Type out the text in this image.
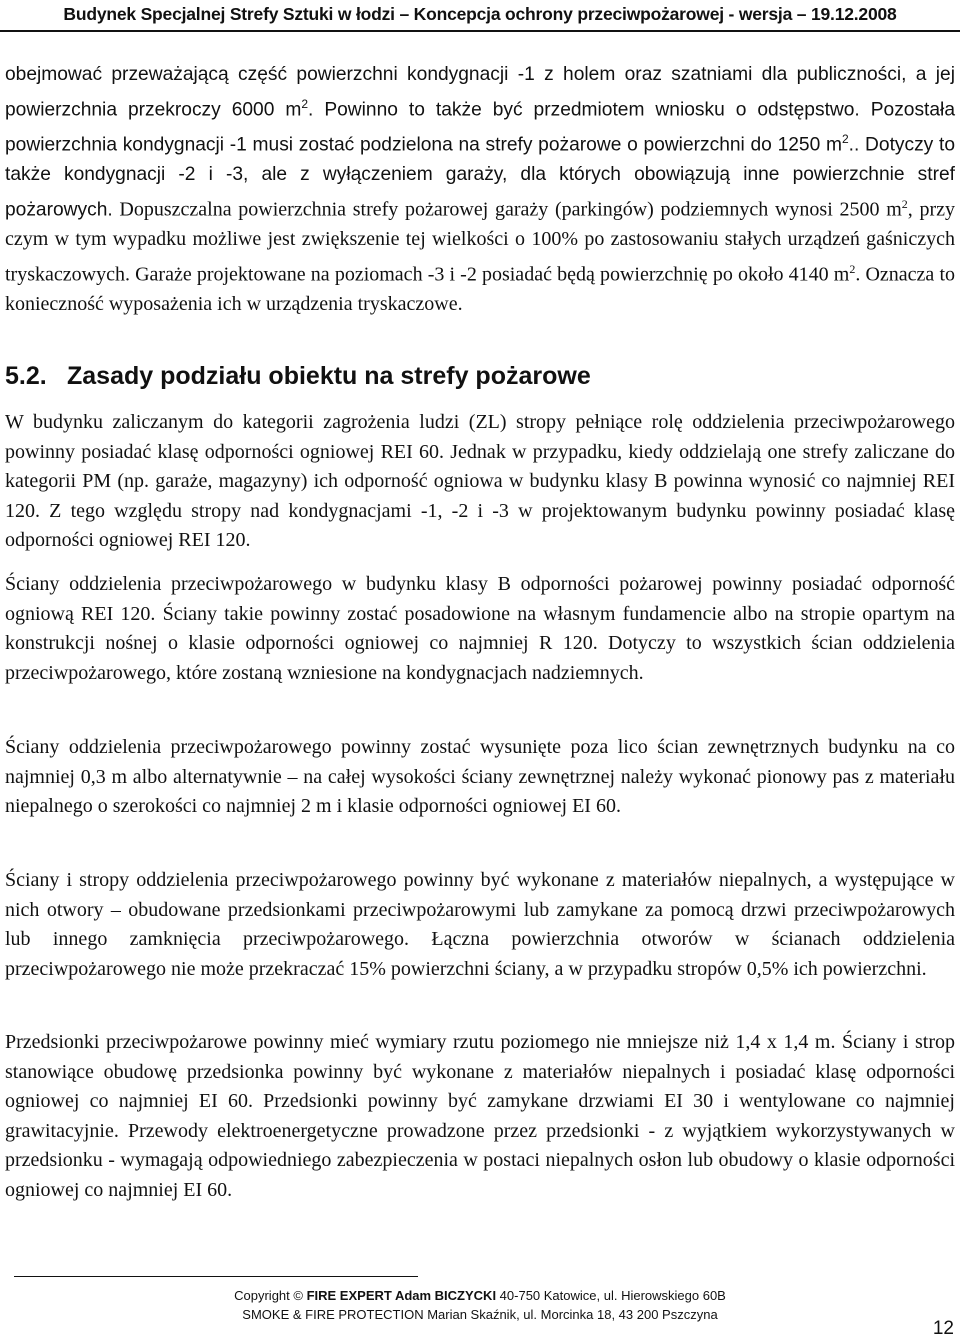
Budynek Specjalnej Strefy Sztuki w łodzi – Koncepcja ochrony przeciwpożarowej - wersja – 19.12.2008

obejmować przeważającą część powierzchni kondygnacji -1 z holem oraz szatniami dla publiczności, a jej powierzchnia przekroczy 6000 $m^2$. Powinno to także być przedmiotem wniosku o odstępstwo. Pozostała powierzchnia kondygnacji -1 musi zostać podzielona na strefy pożarowe o powierzchni do 1250 $m^2$.. Dotyczy to także kondygnacji -2 i -3, ale z wyłączeniem garaży, dla których obowiązują inne powierzchnie stref pożarowych. Dopuszczalna powierzchnia strefy pożarowej garaży (parkingów) podziemnych wynosi 2500 $m^2$, przy czym w tym wypadku możliwe jest zwiększenie tej wielkości o 100% po zastosowaniu stałych urządzeń gaśniczych tryskaczowych. Garaże projektowane na poziomach -3 i -2 posiadać będą powierzchnię po około 4140 $m^2$. Oznacza to konieczność wyposażenia ich w urządzenia tryskaczowe.

5.2. Zasady podziału obiektu na strefy pożarowe

W budynku zaliczanym do kategorii zagrożenia ludzi (ZL) stropy pełniące rolę oddzielenia przeciwpożarowego powinny posiadać klasę odporności ogniowej REI 60. Jednak w przypadku, kiedy oddzielają one strefy zaliczane do kategorii PM (np. garaże, magazyny) ich odporność ogniowa w budynku klasy B powinna wynosić co najmniej REI 120. Z tego względu stropy nad kondygnacjami -1, -2 i -3 w projektowanym budynku powinny posiadać klasę odporności ogniowej REI 120.

Ściany oddzielenia przeciwpożarowego w budynku klasy B odporności pożarowej powinny posiadać odporność ogniową REI 120. Ściany takie powinny zostać posadowione na własnym fundamencie albo na stropie opartym na konstrukcji nośnej o klasie odporności ogniowej co najmniej R 120. Dotyczy to wszystkich ścian oddzielenia przeciwpożarowego, które zostaną wzniesione na kondygnacjach nadziemnych.

Ściany oddzielenia przeciwpożarowego powinny zostać wysunięte poza lico ścian zewnętrznych budynku na co najmniej 0,3 m albo alternatywnie – na całej wysokości ściany zewnętrznej należy wykonać pionowy pas z materiału niepalnego o szerokości co najmniej 2 m i klasie odporności ogniowej EI 60.

Ściany i stropy oddzielenia przeciwpożarowego powinny być wykonane z materiałów niepalnych, a występujące w nich otwory – obudowane przedsionkami przeciwpożarowymi lub zamykane za pomocą drzwi przeciwpożarowych lub innego zamknięcia przeciwpożarowego. Łączna powierzchnia otworów w ścianach oddzielenia przeciwpożarowego nie może przekraczać 15% powierzchni ściany, a w przypadku stropów 0,5% ich powierzchni.

Przedsionki przeciwpożarowe powinny mieć wymiary rzutu poziomego nie mniejsze niż 1,4 x 1,4 m. Ściany i strop stanowiące obudowę przedsionka powinny być wykonane z materiałów niepalnych i posiadać klasę odporności ogniowej co najmniej EI 60. Przedsionki powinny być zamykane drzwiami EI 30 i wentylowane co najmniej grawitacyjnie. Przewody elektroenergetyczne prowadzone przez przedsionki - z wyjątkiem wykorzystywanych w przedsionku - wymagają odpowiedniego zabezpieczenia w postaci niepalnych osłon lub obudowy o klasie odporności ogniowej co najmniej EI 60.

Copyright © FIRE EXPERT Adam BICZYCKI 40-750 Katowice, ul. Hierowskiego 60B
SMOKE & FIRE PROTECTION Marian Skaźnik, ul. Morcinka 18, 43 200 Pszczyna
12
